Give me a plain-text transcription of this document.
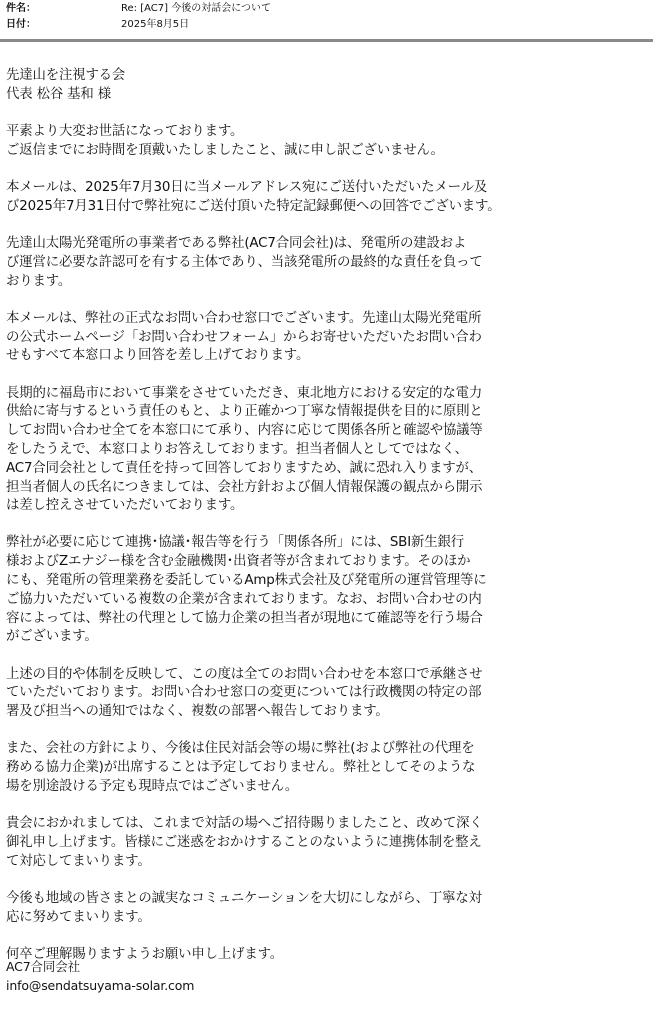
件名：	Re: [AC7] 今後の対話会について
日付：	2025年8月5日
先達山を注視する会
代表 松谷 基和 様
平素より大変お世話になっております。
ご返信までにお時間を頂戴いたしましたこと、誠に申し訳ございません。
本メールは、2025年7月30日に当メールアドレス宛にご送付いただいたメール及
び2025年7月31日付で弊社宛にご送付頂いた特定記録郵便への回答でございます。
先達山太陽光発電所の事業者である弊社(AC7合同会社)は、発電所の建設およ
び運営に必要な許認可を有する主体であり、当該発電所の最終的な責任を負って
おります。
本メールは、弊社の正式なお問い合わせ窓口でございます。先達山太陽光発電所
の公式ホームページ「お問い合わせフォーム」からお寄せいただいたお問い合わ
せもすべて本窓口より回答を差し上げております。
長期的に福島市において事業をさせていただき、東北地方における安定的な電力
供給に寄与するという責任のもと、より正確かつ丁寧な情報提供を目的に原則と
してお問い合わせ全てを本窓口にて承り、内容に応じて関係各所と確認や協議等
をしたうえで、本窓口よりお答えしております。担当者個人としてではなく、
AC7合同会社として責任を持って回答しておりますため、誠に恐れ入りますが、
担当者個人の氏名につきましては、会社方針および個人情報保護の観点から開示
は差し控えさせていただいております。
弊社が必要に応じて連携･協議･報告等を行う「関係各所」には、SBI新生銀行
様およびZエナジー様を含む金融機関･出資者等が含まれております。そのほか
にも、発電所の管理業務を委託しているAmp株式会社及び発電所の運営管理等に
ご協力いただいている複数の企業が含まれております。なお、お問い合わせの内
容によっては、弊社の代理として協力企業の担当者が現地にて確認等を行う場合
がございます。
上述の目的や体制を反映して、この度は全てのお問い合わせを本窓口で承継させ
ていただいております。お問い合わせ窓口の変更については行政機関の特定の部
署及び担当への通知ではなく、複数の部署へ報告しております。
また、会社の方針により、今後は住民対話会等の場に弊社(および弊社の代理を
務める協力企業)が出席することは予定しておりません。弊社としてそのような
場を別途設ける予定も現時点ではございません。
貴会におかれましては、これまで対話の場へご招待賜りましたこと、改めて深く
御礼申し上げます。皆様にご迷惑をおかけすることのないように連携体制を整え
て対応してまいります。
今後も地域の皆さまとの誠実なコミュニケーションを大切にしながら、丁寧な対
応に努めてまいります。
何卒ご理解賜りますようお願い申し上げます。
AC7合同会社
info@sendatsuyama-solar.com
